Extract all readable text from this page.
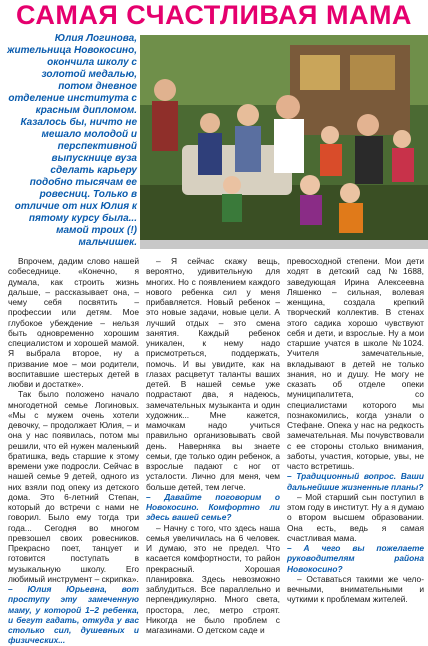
САМАЯ СЧАСТЛИВАЯ МАМА
Юлия Логинова, жительница Новокосино, окончила школу с золотой медалью, потом дневное отделение института с красным дипломом. Казалось бы, ничто не мешало молодой и перспективной выпускнице вуза сделать карьеру подобно тысячам ее ровесниц. Только в отличие от них Юлия к пятому курсу была... мамой троих (!) мальчишек.

Впрочем, дадим слово нашей собеседнице. «Конечно, я думала, как строить жизнь дальше, – рассказывает она, – чему себя посвятить – профессии или детям. Мое глубокое убеждение – нельзя быть одновременно хорошим специалистом и хорошей мамой. Я выбрала второе, ну а призвание мое – мои родители, воспитавшие шестерых детей в любви и достатке».

Так было положено начало многодетной семье Логиновых. «Мы с мужем очень хотели девочку, – продолжает Юлия, – и она у нас появилась, потом мы решили, что ей нужен маленький братишка, ведь старшие к этому времени уже подросли. Сейчас в нашей семье 9 детей, одного из них взяли под опеку из детского дома. Это 6-летний Степан, который до встречи с нами не говорил. Было ему тогда три года... Сегодня во многом превзошел своих ровесников. Прекрасно поет, танцует и готовится поступать в музыкальную школу. Его любимый инструмент – скрипка».

– Юлия Юрьевна, вот проступу эту замеченную маму, у которой 1–2 ребенка, и бегут гадать, откуда у вас столько сил, душевных и физических...

– Я сейчас скажу вещь, вероятно, удивительную для многих. Но с появлением каждого нового ребенка сил у меня прибавляется. Новый ребенок – это новые задачи, новые цели. А лучший отдых – это смена занятия. Каждый ребенок уникален, к нему надо присмотреться, поддержать, помочь. И вы увидите, как на глазах расцветут таланты ваших детей. В нашей семье уже подрастают два, я надеюсь, замечательных музыканта и один художник... Мне кажется, мамочкам надо учиться правильно организовывать свой день. Наверняка вы знаете семьи, где только один ребенок, а взрослые падают с ног от усталости. Лично для меня, чем больше детей, тем легче.

– Давайте поговорим о Новокосино. Комфортно ли здесь вашей семье?

– Начну с того, что здесь наша семья увеличилась на 6 человек. И думаю, это не предел. Что касается комфортности, то район прекрасный. Хорошая планировка. Здесь невозможно заблудиться. Все параллельно и перпендикулярно. Много света, простора, лес, метро строят. Никогда не было проблем с магазинами. О детском саде и

превосходной степени. Мои дети ходят в детский сад №1688, заведующая Ирина Алексеевна Ляшенко – сильная, волевая женщина, создала крепкий творческий коллектив. В стенах этого садика хорошо чувствуют себя и дети, и взрослые. Ну а мои старшие учатся в школе №1024. Учителя замечательные, вкладывают в детей не только знания, но и душу. Не могу не сказать об отделе опеки муниципалитета, со специалистами которого мы познакомились, когда узнали о Стефане. Опека у нас на редкость замечательная. Мы почувствовали с ее стороны столько внимания, заботы, участия, которые, увы, не часто встретишь.

– Традиционный вопрос. Ваши дальнейшие жизненные планы?

– Мой старший сын поступил в этом году в институт. Ну а я думаю о втором высшем образовании. Она есть, ведь я самая счастливая мама.

– А чего вы пожелаете руководителям района Новокосино?

– Оставаться такими же человечными, внимательными и чуткими к проблемам жителей.
